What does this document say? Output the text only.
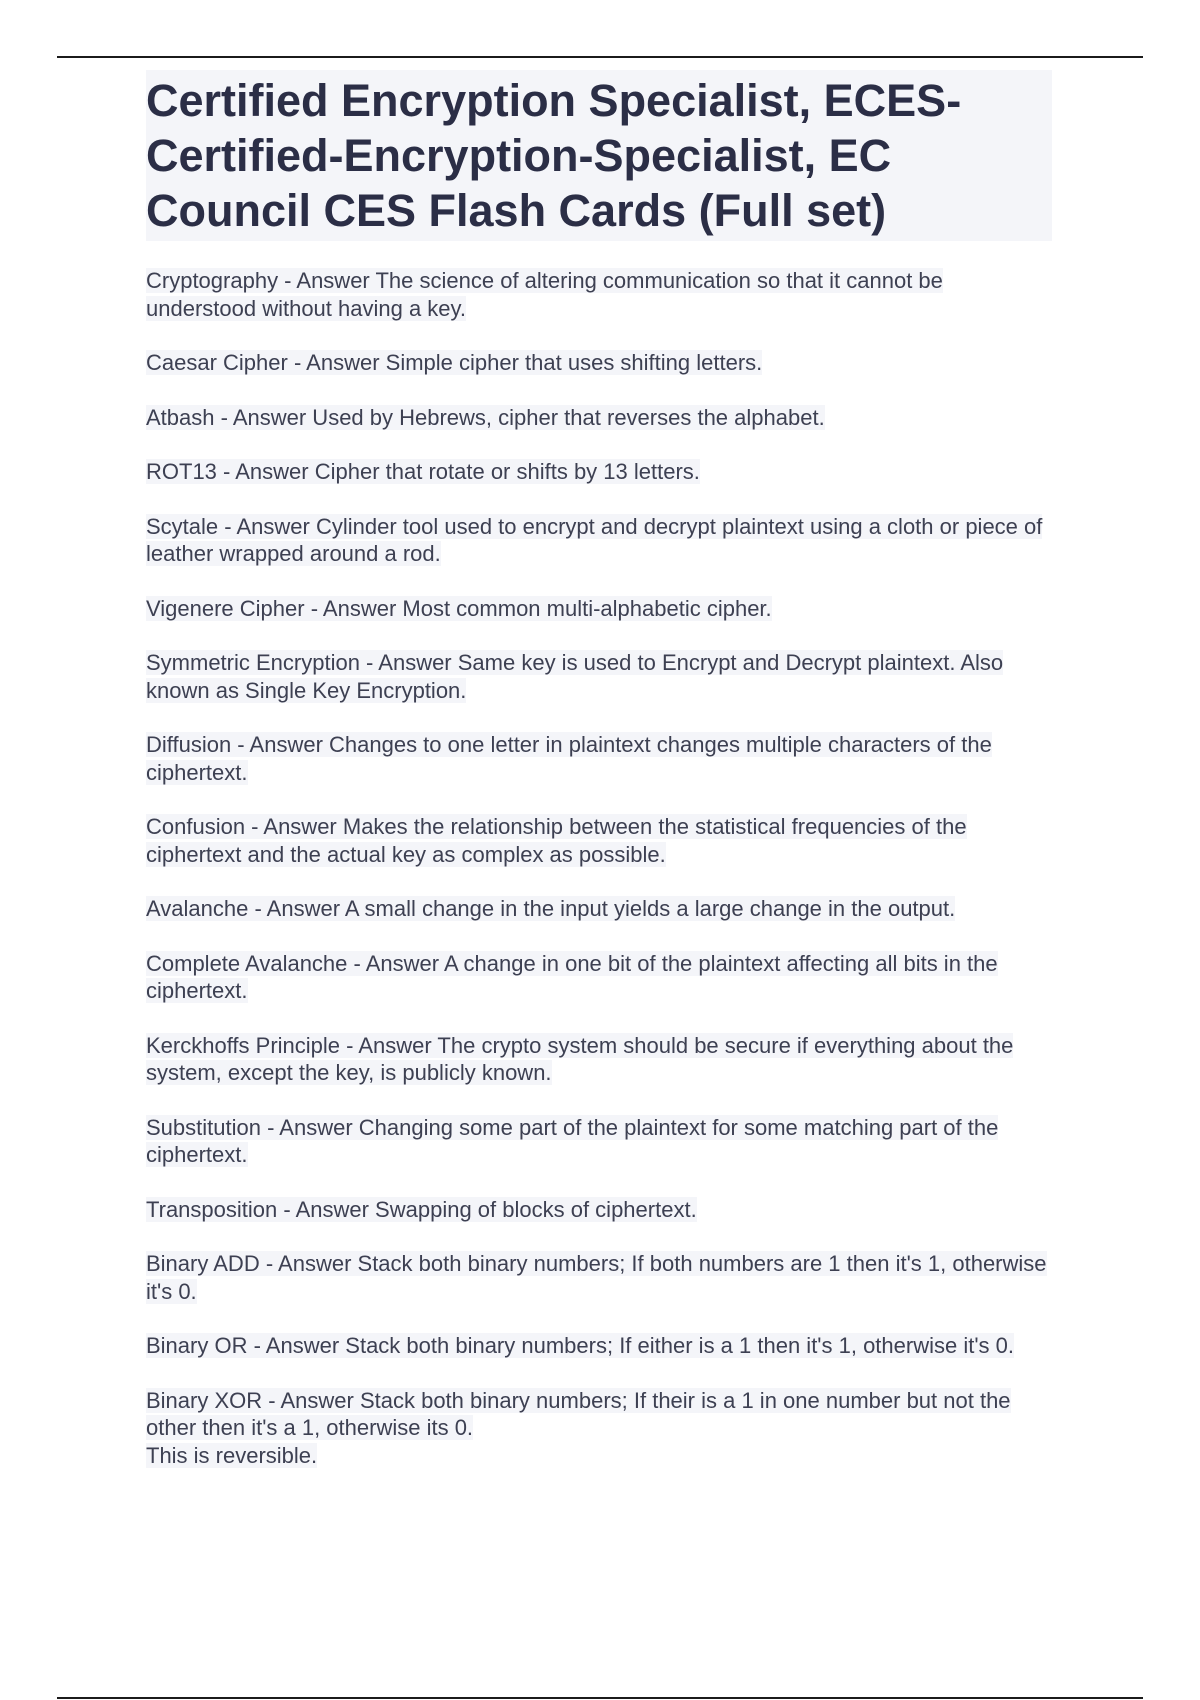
Certified Encryption Specialist, ECES-Certified-Encryption-Specialist, EC Council CES Flash Cards (Full set)

Cryptography - Answer The science of altering communication so that it cannot be understood without having a key.

Caesar Cipher - Answer Simple cipher that uses shifting letters.

Atbash - Answer Used by Hebrews, cipher that reverses the alphabet.

ROT13 - Answer Cipher that rotate or shifts by 13 letters.

Scytale - Answer Cylinder tool used to encrypt and decrypt plaintext using a cloth or piece of leather wrapped around a rod.

Vigenere Cipher - Answer Most common multi-alphabetic cipher.

Symmetric Encryption - Answer Same key is used to Encrypt and Decrypt plaintext. Also known as Single Key Encryption.

Diffusion - Answer Changes to one letter in plaintext changes multiple characters of the ciphertext.

Confusion - Answer Makes the relationship between the statistical frequencies of the ciphertext and the actual key as complex as possible.

Avalanche - Answer A small change in the input yields a large change in the output.

Complete Avalanche - Answer A change in one bit of the plaintext affecting all bits in the ciphertext.

Kerckhoffs Principle - Answer The crypto system should be secure if everything about the system, except the key, is publicly known.

Substitution - Answer Changing some part of the plaintext for some matching part of the ciphertext.

Transposition - Answer Swapping of blocks of ciphertext.

Binary ADD - Answer Stack both binary numbers; If both numbers are 1 then it's 1, otherwise it's 0.

Binary OR - Answer Stack both binary numbers; If either is a 1 then it's 1, otherwise it's 0.

Binary XOR - Answer Stack both binary numbers; If their is a 1 in one number but not the other then it's a 1, otherwise its 0.

This is reversible.
